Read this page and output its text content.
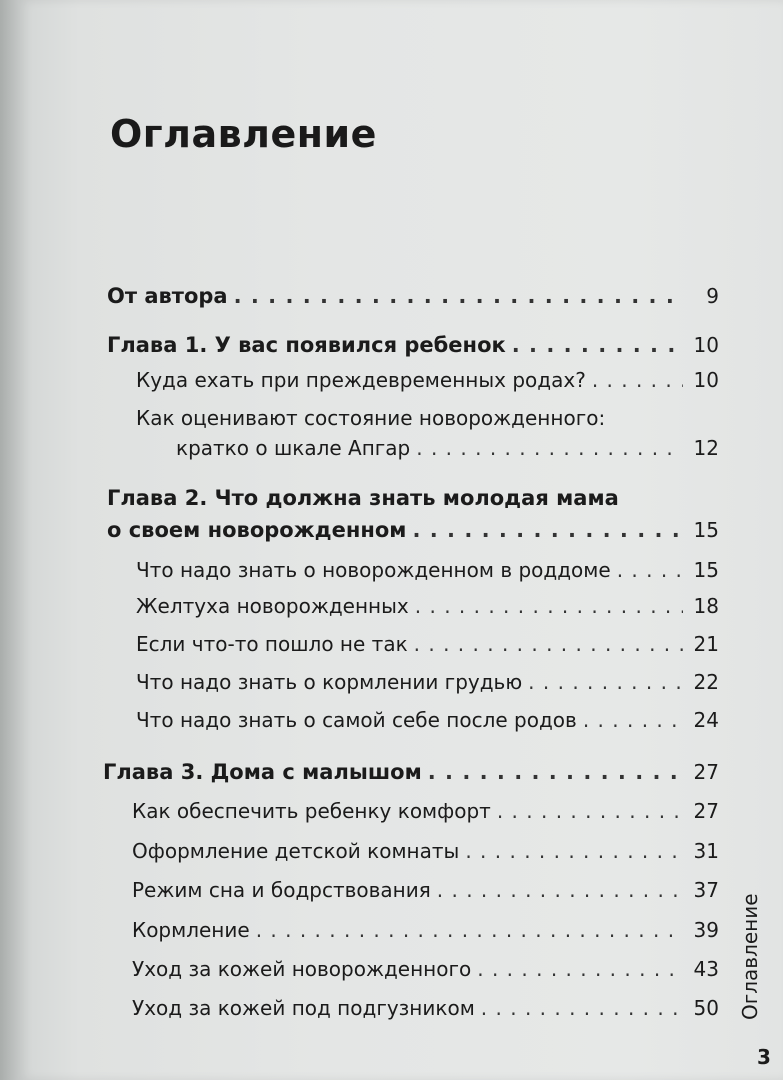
Оглавление
От автора . . .	9
Глава 1. У вас появился ребенок . . .	10
Куда ехать при преждевременных родах? . . .	10
Как оценивают состояние новорожденного:
кратко о шкале Апгар . . .	12
Глава 2. Что должна знать молодая мама
о своем новорожденном . . .	15
Что надо знать о новорожденном в роддоме . . .	15
Желтуха новорожденных . . .	18
Если что-то пошло не так . . .	21
Что надо знать о кормлении грудью . . .	22
Что надо знать о самой себе после родов . . .	24
Глава 3. Дома с малышом . . .	27
Как обеспечить ребенку комфорт . . .	27
Оформление детской комнаты . . .	31
Режим сна и бодрствования . . .	37
Кормление . . .	39
Уход за кожей новорожденного . . .	43
Уход за кожей под подгузником . . .	50 Оглавление
3
